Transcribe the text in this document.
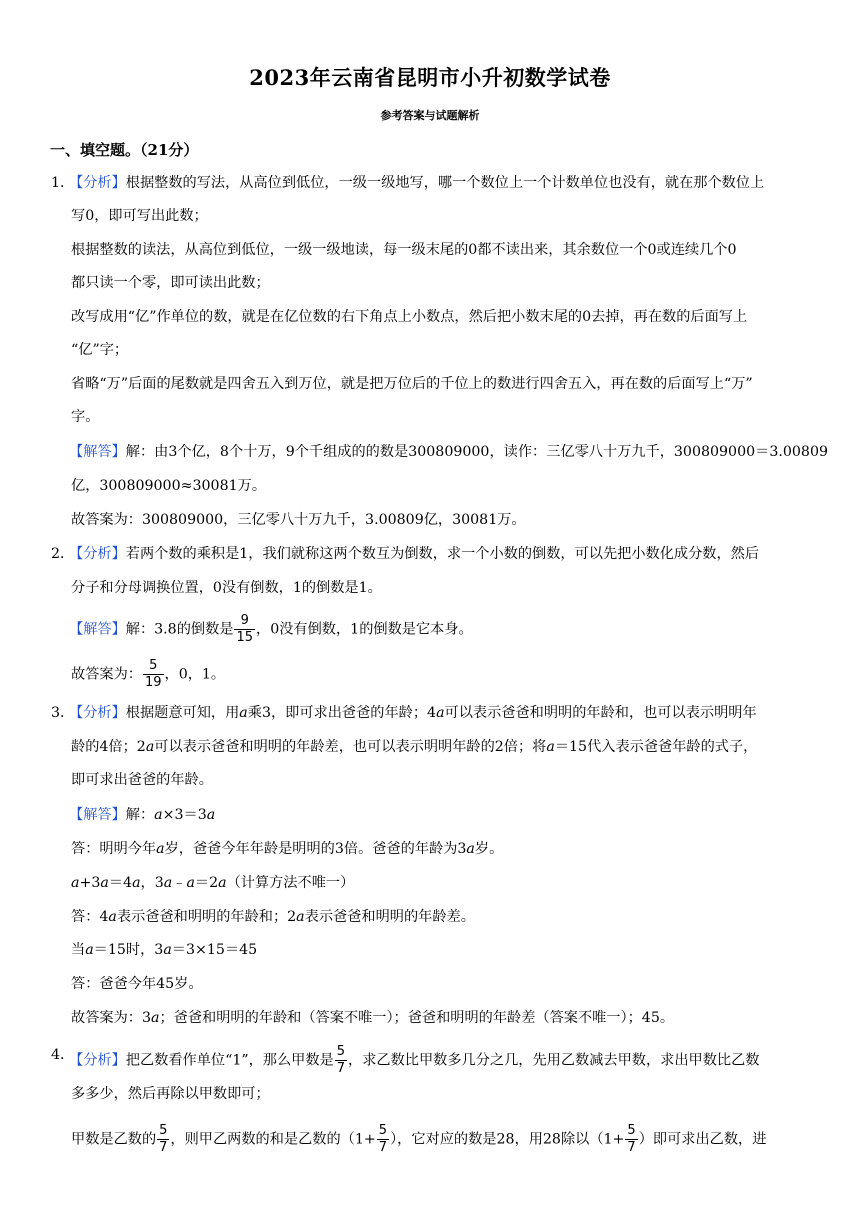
2023年云南省昆明市小升初数学试卷
参考答案与试题解析
一、填空题。（21分）
1．
【分析】根据整数的写法，从高位到低位，一级一级地写，哪一个数位上一个计数单位也没有，就在那个数位上
写0，即可写出此数；
根据整数的读法，从高位到低位，一级一级地读，每一级末尾的0都不读出来，其余数位一个0或连续几个0
都只读一个零，即可读出此数；
改写成用“亿”作单位的数，就是在亿位数的右下角点上小数点，然后把小数末尾的0去掉，再在数的后面写上
“亿”字；
省略“万”后面的尾数就是四舍五入到万位，就是把万位后的千位上的数进行四舍五入，再在数的后面写上“万”
字。
【解答】解：由3个亿，8个十万，9个千组成的的数是300809000，读作：三亿零八十万九千，300809000＝3.00809
亿，300809000≈30081万。
故答案为：300809000，三亿零八十万九千，3.00809亿，30081万。
2．
【分析】若两个数的乘积是1，我们就称这两个数互为倒数，求一个小数的倒数，可以先把小数化成分数，然后
分子和分母调换位置，0没有倒数，1的倒数是1。
【解答】解：3.8的倒数是 $\frac{9}{15}$ ，0没有倒数，1的倒数是它本身。
故答案为： $\frac{5}{19}$ ，0，1。
3．
【分析】根据题意可知，用a乘3，即可求出爸爸的年龄；4a可以表示爸爸和明明的年龄和，也可以表示明明年
龄的4倍；2a可以表示爸爸和明明的年龄差，也可以表示明明年龄的2倍；将a＝15代入表示爸爸年龄的式子，
即可求出爸爸的年龄。
【解答】解：a×3＝3a
答：明明今年a岁，爸爸今年年龄是明明的3倍。爸爸的年龄为3a岁。
a+3a＝4a，3a﹣a＝2a（计算方法不唯一）
答：4a表示爸爸和明明的年龄和；2a表示爸爸和明明的年龄差。
当a＝15时，3a＝3×15＝45
答：爸爸今年45岁。
故答案为：3a；爸爸和明明的年龄和（答案不唯一）；爸爸和明明的年龄差（答案不唯一）；45。
4．
【分析】把乙数看作单位“1”，那么甲数是 $\frac{5}{7}$ ，求乙数比甲数多几分之几，先用乙数减去甲数，求出甲数比乙数
多多少，然后再除以甲数即可；
甲数是乙数的 $\frac{5}{7}$ ，则甲乙两数的和是乙数的（$1+ \frac{5}{7}$ ），它对应的数是28，用28除以（$1+ \frac{5}{7}$ ）即可求出乙数，进
